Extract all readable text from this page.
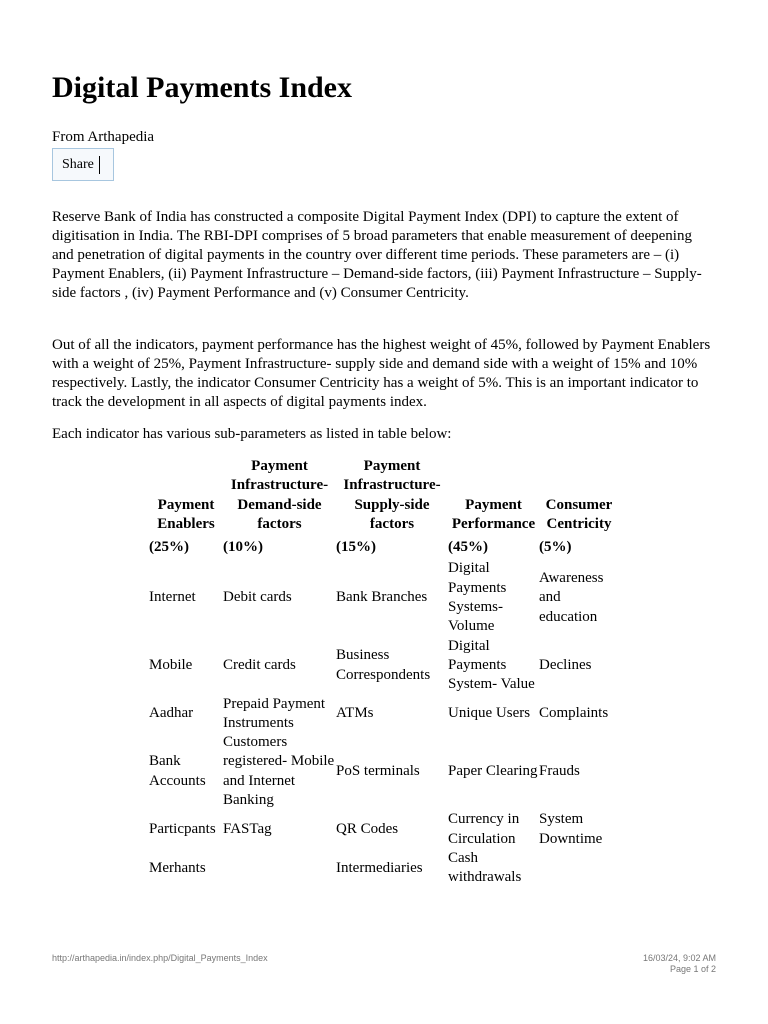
Digital Payments Index
From Arthapedia
Share

Reserve Bank of India has constructed a composite Digital Payment Index (DPI) to capture the extent of digitisation in India. The RBI-DPI comprises of 5 broad parameters that enable measurement of deepening and penetration of digital payments in the country over different time periods. These parameters are – (i) Payment Enablers, (ii) Payment Infrastructure – Demand-side factors, (iii) Payment Infrastructure – Supply-side factors , (iv) Payment Performance and (v) Consumer Centricity.

Out of all the indicators, payment performance has the highest weight of 45%, followed by Payment Enablers with a weight of 25%, Payment Infrastructure- supply side and demand side with a weight of 15% and 10% respectively. Lastly, the indicator Consumer Centricity has a weight of 5%. This is an important indicator to track the development in all aspects of digital payments index.

Each indicator has various sub-parameters as listed in table below:

Payment Enablers	Payment Infrastructure- Demand-side factors	Payment Infrastructure- Supply-side factors	Payment Performance	Consumer Centricity
(25%)	(10%)	(15%)	(45%)	(5%)
Internet	Debit cards	Bank Branches	Digital Payments Systems- Volume	Awareness and education
Mobile	Credit cards	Business Correspondents	Digital Payments System- Value	Declines
Aadhar	Prepaid Payment Instruments	ATMs	Unique Users	Complaints
Bank Accounts	Customers registered- Mobile and Internet Banking	PoS terminals	Paper Clearing	Frauds
Particpants	FASTag	QR Codes	Currency in Circulation	System Downtime
Merhants		Intermediaries	Cash withdrawals	
http://arthapedia.in/index.php/Digital_Payments_Index	16/03/24, 9:02 AM
Page 1 of 2
